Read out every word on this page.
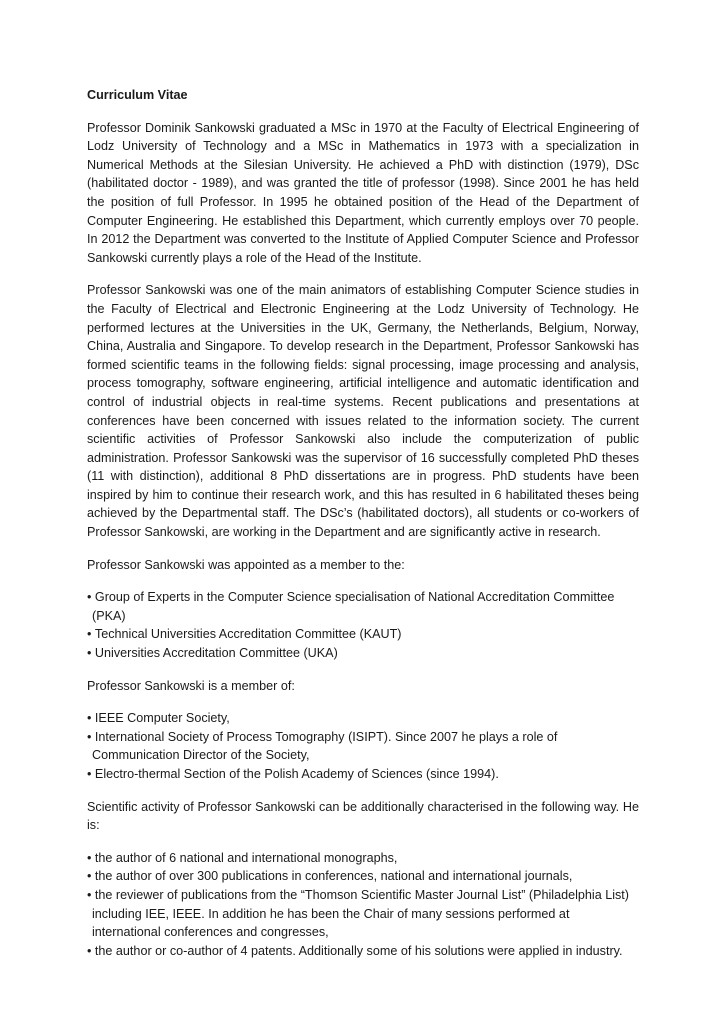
Curriculum Vitae

Professor Dominik Sankowski graduated a MSc in 1970 at the Faculty of Electrical Engineering of Lodz University of Technology and a MSc in Mathematics in 1973 with a specialization in Numerical Methods at the Silesian University. He achieved a PhD with distinction (1979), DSc (habilitated doctor - 1989), and was granted the title of professor (1998). Since 2001 he has held the position of full Professor. In 1995 he obtained position of the Head of the Department of Computer Engineering. He established this Department, which currently employs over 70 people. In 2012 the Department was converted to the Institute of Applied Computer Science and Professor Sankowski currently plays a role of the Head of the Institute.

Professor Sankowski was one of the main animators of establishing Computer Science studies in the Faculty of Electrical and Electronic Engineering at the Lodz University of Technology. He performed lectures at the Universities in the UK, Germany, the Netherlands, Belgium, Norway, China, Australia and Singapore. To develop research in the Department, Professor Sankowski has formed scientific teams in the following fields: signal processing, image processing and analysis, process tomography, software engineering, artificial intelligence and automatic identification and control of industrial objects in real-time systems. Recent publications and presentations at conferences have been concerned with issues related to the information society. The current scientific activities of Professor Sankowski also include the computerization of public administration. Professor Sankowski was the supervisor of 16 successfully completed PhD theses (11 with distinction), additional 8 PhD dissertations are in progress. PhD students have been inspired by him to continue their research work, and this has resulted in 6 habilitated theses being achieved by the Departmental staff. The DSc’s (habilitated doctors), all students or co-workers of Professor Sankowski, are working in the Department and are significantly active in research.

Professor Sankowski was appointed as a member to the:

• Group of Experts in the Computer Science specialisation of National Accreditation Committee (PKA)
• Technical Universities Accreditation Committee (KAUT)
• Universities Accreditation Committee (UKA)

Professor Sankowski is a member of:

• IEEE Computer Society,
• International Society of Process Tomography (ISIPT). Since 2007 he plays a role of Communication Director of the Society,
• Electro-thermal Section of the Polish Academy of Sciences (since 1994).

Scientific activity of Professor Sankowski can be additionally characterised in the following way. He is:

• the author of 6 national and international monographs,
• the author of over 300 publications in conferences, national and international journals,
• the reviewer of publications from the “Thomson Scientific Master Journal List” (Philadelphia List) including IEE, IEEE. In addition he has been the Chair of many sessions performed at international conferences and congresses,
• the author or co-author of 4 patents. Additionally some of his solutions were applied in industry.
